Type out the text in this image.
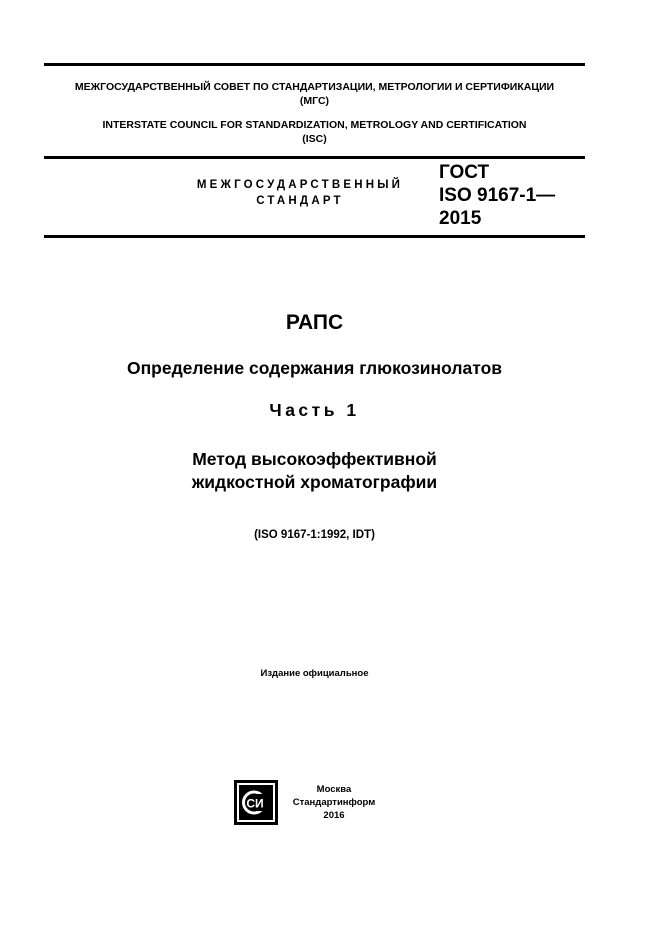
МЕЖГОСУДАРСТВЕННЫЙ СОВЕТ ПО СТАНДАРТИЗАЦИИ, МЕТРОЛОГИИ И СЕРТИФИКАЦИИ
(МГС)
INTERSTATE COUNCIL FOR STANDARDIZATION, METROLOGY AND CERTIFICATION
(ISC)
МЕЖГОСУДАРСТВЕННЫЙ
СТАНДАРТ
ГОСТ
ISO 9167-1—
2015
РАПС
Определение содержания глюкозинолатов
Часть 1
Метод высокоэффективной
жидкостной хроматографии
(ISO 9167-1:1992, IDT)
Издание официальное
СИ
Москва
Стандартинформ
2016
